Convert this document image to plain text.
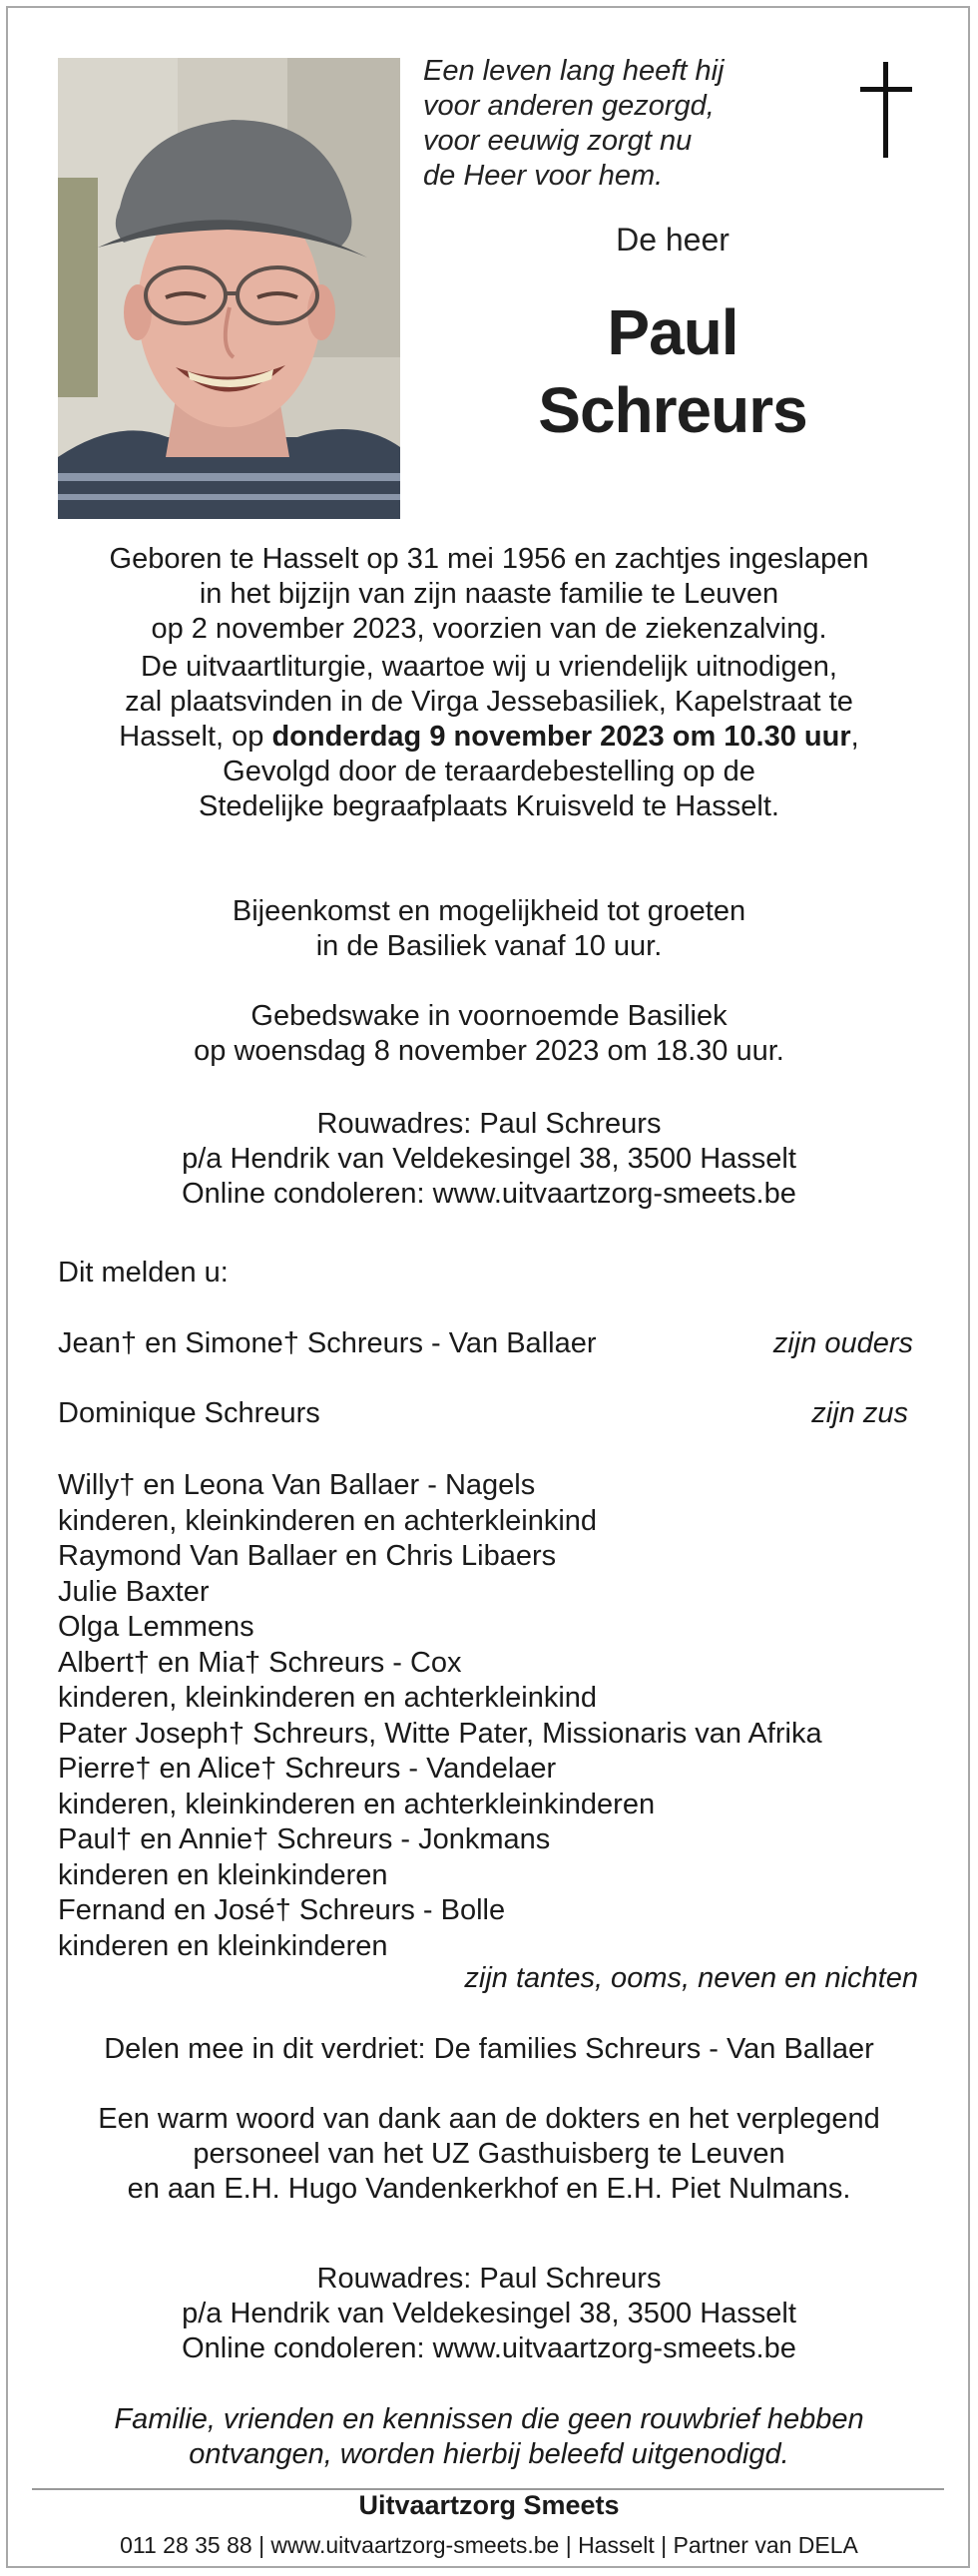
Een leven lang heeft hij
voor anderen gezorgd,
voor eeuwig zorgt nu
de Heer voor hem.
De heer
Paul
Schreurs
Geboren te Hasselt op 31 mei 1956 en zachtjes ingeslapen
in het bijzijn van zijn naaste familie te Leuven
op 2 november 2023, voorzien van de ziekenzalving.
De uitvaartliturgie, waartoe wij u vriendelijk uitnodigen,
zal plaatsvinden in de Virga Jessebasiliek, Kapelstraat te
Hasselt, op donderdag 9 november 2023 om 10.30 uur,
Gevolgd door de teraardebestelling op de
Stedelijke begraafplaats Kruisveld te Hasselt.
Bijeenkomst en mogelijkheid tot groeten
in de Basiliek vanaf 10 uur.
Gebedswake in voornoemde Basiliek
op woensdag 8 november 2023 om 18.30 uur.
Rouwadres: Paul Schreurs
p/a Hendrik van Veldekesingel 38, 3500 Hasselt
Online condoleren: www.uitvaartzorg-smeets.be
Dit melden u:
Jean† en Simone† Schreurs - Van Ballaer	zijn ouders
Dominique Schreurs	zijn zus
Willy† en Leona Van Ballaer - Nagels
kinderen, kleinkinderen en achterkleinkind
Raymond Van Ballaer en Chris Libaers
Julie Baxter
Olga Lemmens
Albert† en Mia† Schreurs - Cox
kinderen, kleinkinderen en achterkleinkind
Pater Joseph† Schreurs, Witte Pater, Missionaris van Afrika
Pierre† en Alice† Schreurs - Vandelaer
kinderen, kleinkinderen en achterkleinkinderen
Paul† en Annie† Schreurs - Jonkmans
kinderen en kleinkinderen
Fernand en José† Schreurs - Bolle
kinderen en kleinkinderen
zijn tantes, ooms, neven en nichten
Delen mee in dit verdriet: De families Schreurs - Van Ballaer
Een warm woord van dank aan de dokters en het verplegend
personeel van het UZ Gasthuisberg te Leuven
en aan E.H. Hugo Vandenkerkhof en E.H. Piet Nulmans.
Rouwadres: Paul Schreurs
p/a Hendrik van Veldekesingel 38, 3500 Hasselt
Online condoleren: www.uitvaartzorg-smeets.be
Familie, vrienden en kennissen die geen rouwbrief hebben
ontvangen, worden hierbij beleefd uitgenodigd.
Uitvaartzorg Smeets
011 28 35 88 | www.uitvaartzorg-smeets.be | Hasselt | Partner van DELA
